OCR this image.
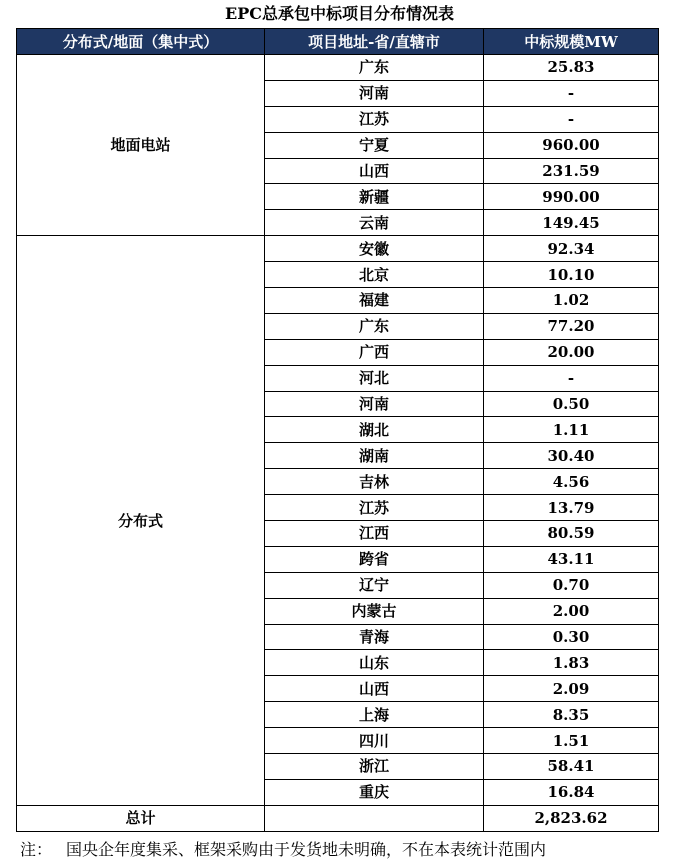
EPC总承包中标项目分布情况表
分布式/地面（集中式）	项目地址-省/直辖市	中标规模MW
地面电站	广东	25.83
	河南	-
	江苏	-
	宁夏	960.00
	山西	231.59
	新疆	990.00
	云南	149.45
分布式	安徽	92.34
	北京	10.10
	福建	1.02
	广东	77.20
	广西	20.00
	河北	-
	河南	0.50
	湖北	1.11
	湖南	30.40
	吉林	4.56
	江苏	13.79
	江西	80.59
	跨省	43.11
	辽宁	0.70
	内蒙古	2.00
	青海	0.30
	山东	1.83
	山西	2.09
	上海	8.35
	四川	1.51
	浙江	58.41
	重庆	16.84
总计		2,823.62
注： 国央企年度集采、框架采购由于发货地未明确，不在本表统计范围内
